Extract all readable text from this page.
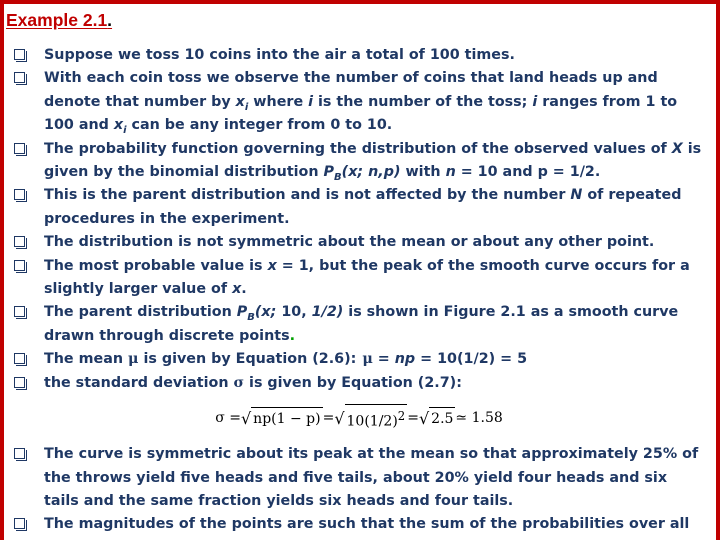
Example 2.1.
Suppose we toss 10 coins into the air a total of 100 times.
With each coin toss we observe the number of coins that land heads up and denote that number by $x_i$ where i is the number of the toss; i ranges from 1 to 100 and $x_i$ can be any integer from 0 to 10.
The probability function governing the distribution of the observed values of X is given by the binomial distribution $P_B(x$; n,p) with n = 10 and p = 1/2.
This is the parent distribution and is not affected by the number N of repeated procedures in the experiment.
The distribution is not symmetric about the mean or about any other point.
The most probable value is x = 1, but the peak of the smooth curve occurs for a slightly larger value of x.
The parent distribution $P_B(x$; 10, 1/2) is shown in Figure 2.1 as a smooth curve drawn through discrete points.
The mean μ is given by Equation (2.6): μ = np = 10(1/2) = 5
the standard deviation σ is given by Equation (2.7):
σ = √ np(1 − p) = √ $10(1/2)^2$ = √ 2.5 ≃ 1.58
The curve is symmetric about its peak at the mean so that approximately 25% of the throws yield five heads and five tails, about 20% yield four heads and six tails and the same fraction yields six heads and four tails.
The magnitudes of the points are such that the sum of the probabilities over all
